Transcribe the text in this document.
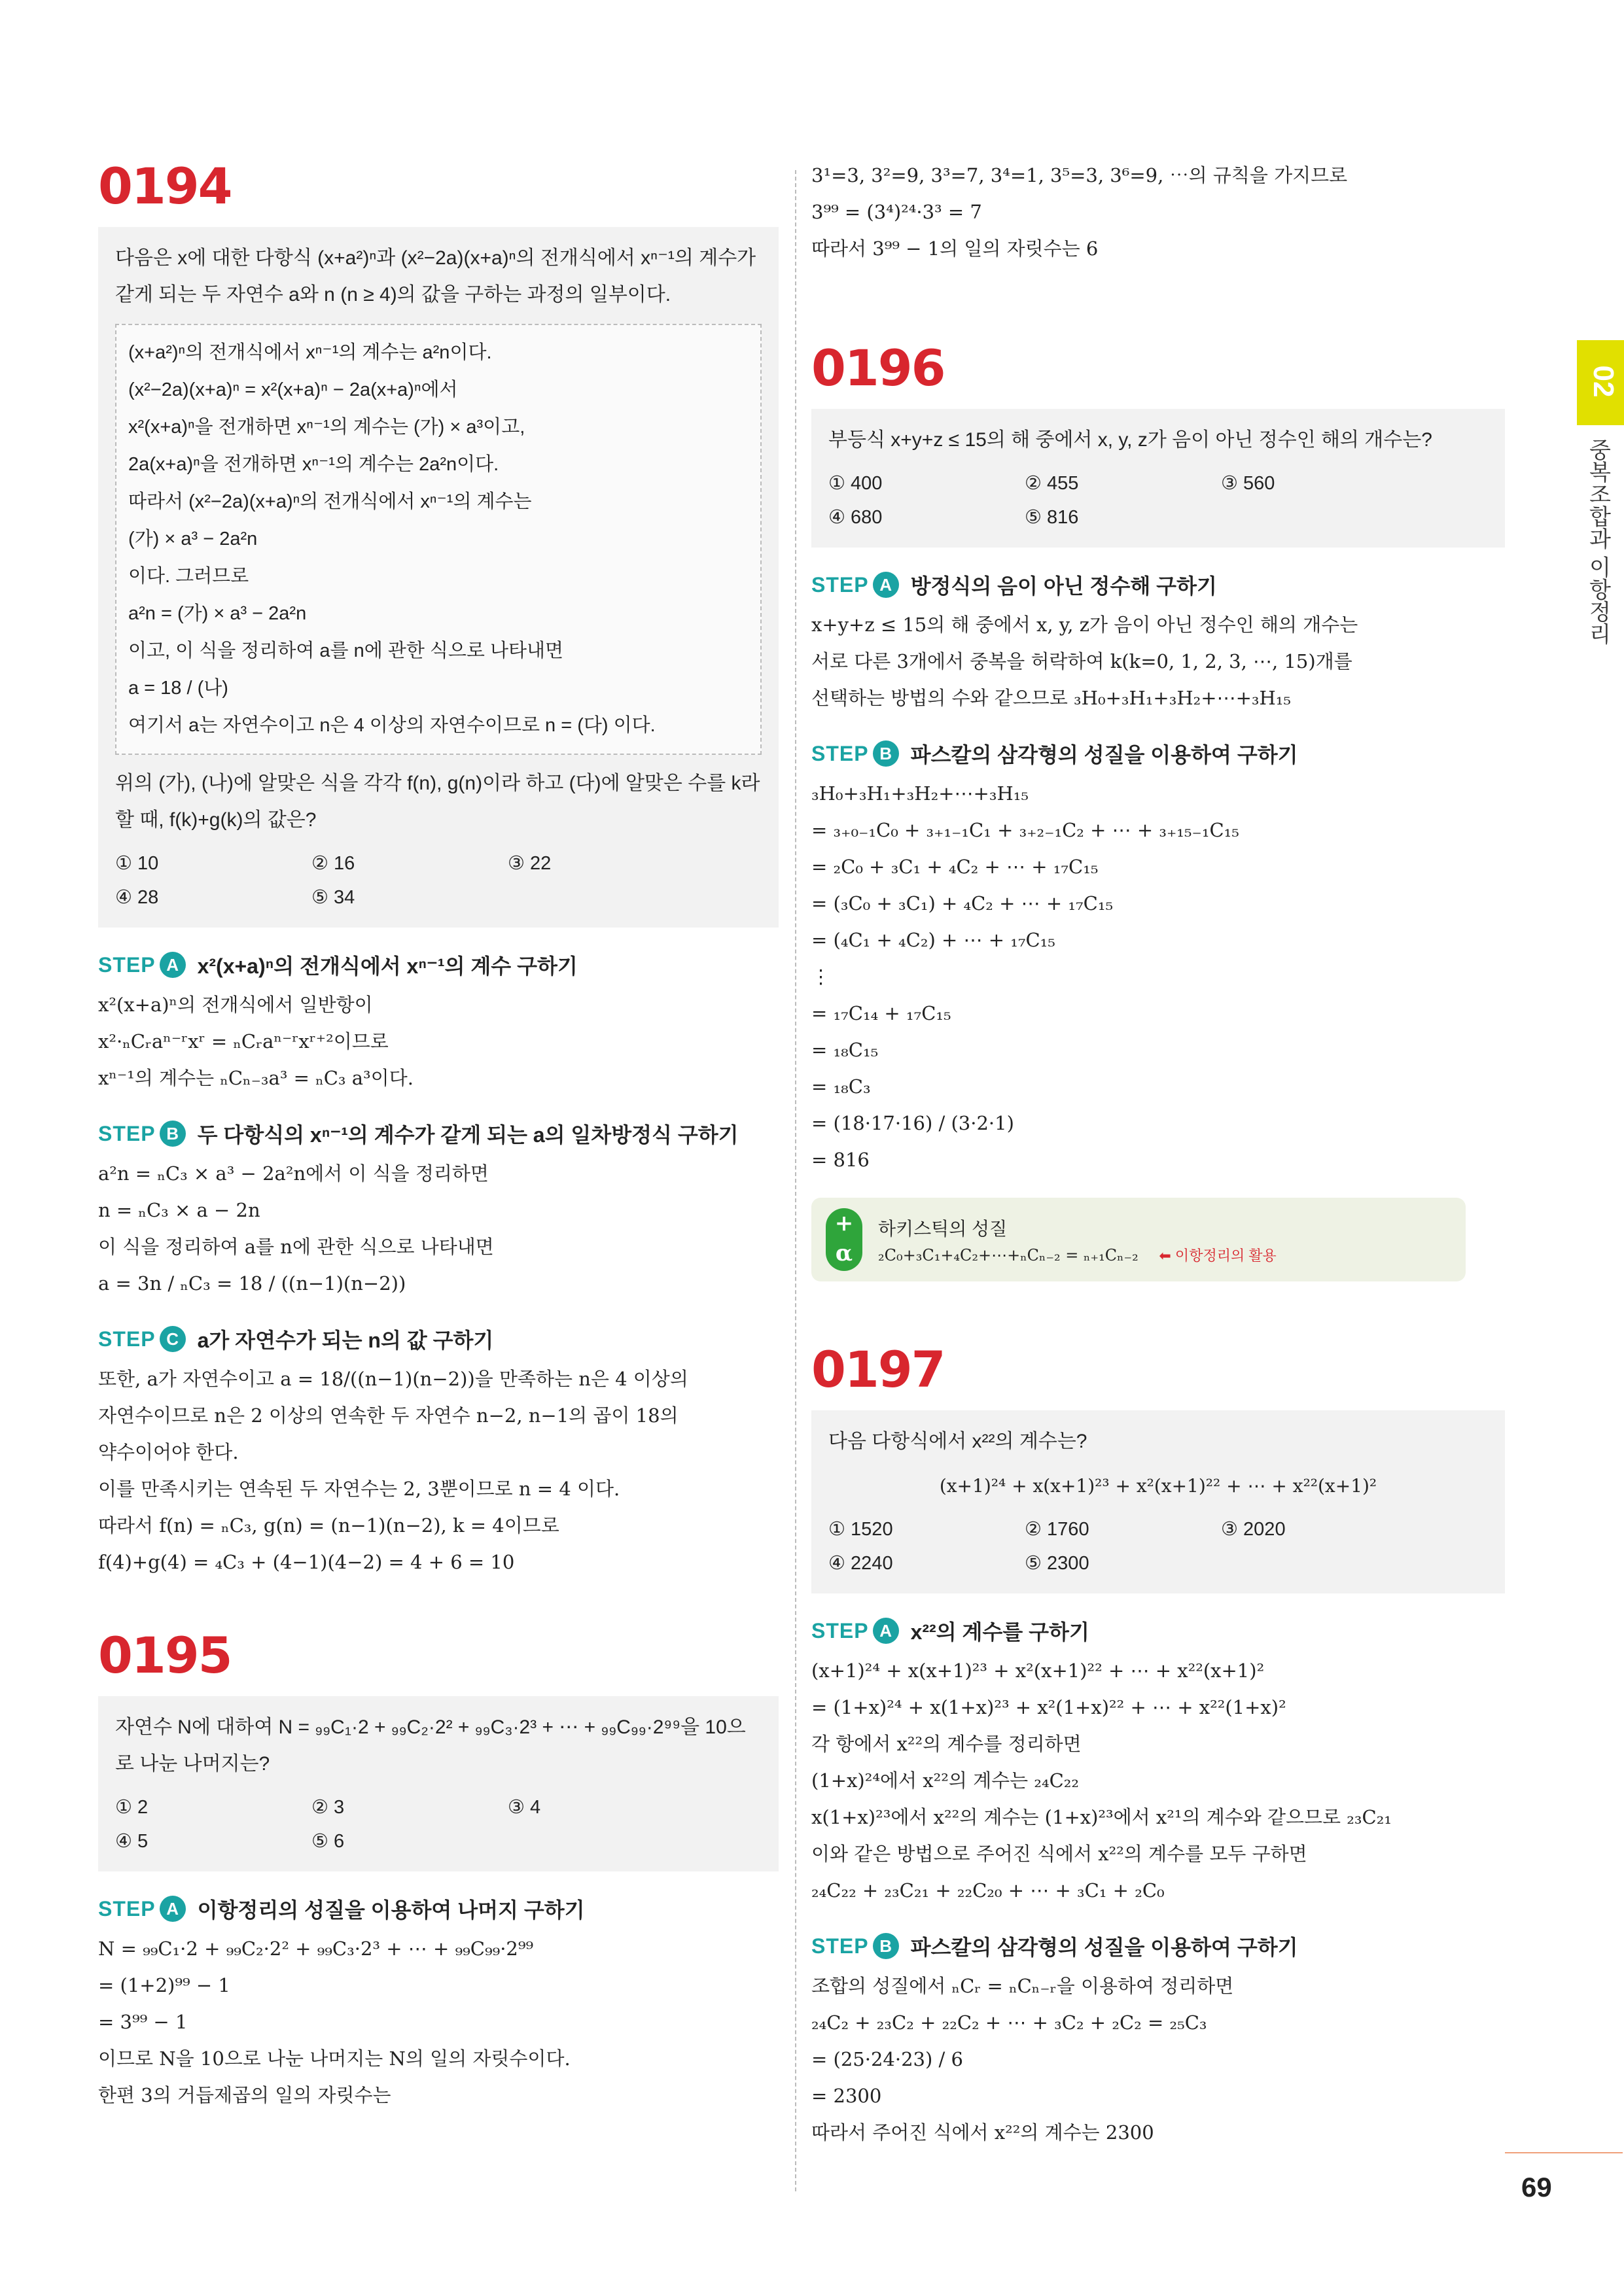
02
중복조합과 이항정리
0194

다음은 x에 대한 다항식 (x+a²)ⁿ과 (x²−2a)(x+a)ⁿ의 전개식에서 xⁿ⁻¹의 계수가 같게 되는 두 자연수 a와 n (n ≥ 4)의 값을 구하는 과정의 일부이다.

(x+a²)ⁿ의 전개식에서 xⁿ⁻¹의 계수는 a²n이다.

(x²−2a)(x+a)ⁿ = x²(x+a)ⁿ − 2a(x+a)ⁿ에서

x²(x+a)ⁿ을 전개하면 xⁿ⁻¹의 계수는 (가) × a³이고,

2a(x+a)ⁿ을 전개하면 xⁿ⁻¹의 계수는 2a²n이다.

따라서 (x²−2a)(x+a)ⁿ의 전개식에서 xⁿ⁻¹의 계수는

(가) × a³ − 2a²n

이다. 그러므로

a²n = (가) × a³ − 2a²n

이고, 이 식을 정리하여 a를 n에 관한 식으로 나타내면

a = 18 / (나)

여기서 a는 자연수이고 n은 4 이상의 자연수이므로 n = (다) 이다.

위의 (가), (나)에 알맞은 식을 각각 f(n), g(n)이라 하고 (다)에 알맞은 수를 k라 할 때, f(k)+g(k)의 값은?

① 10	② 16	③ 22
④ 28	⑤ 34
STEP A x²(x+a)ⁿ의 전개식에서 xⁿ⁻¹의 계수 구하기

x²(x+a)ⁿ의 전개식에서 일반항이

x²·ₙCᵣaⁿ⁻ʳxʳ = ₙCᵣaⁿ⁻ʳxʳ⁺²이므로

xⁿ⁻¹의 계수는 ₙCₙ₋₃a³ = ₙC₃ a³이다.

STEP B 두 다항식의 xⁿ⁻¹의 계수가 같게 되는 a의 일차방정식 구하기

a²n = ₙC₃ × a³ − 2a²n에서 이 식을 정리하면

n = ₙC₃ × a − 2n

이 식을 정리하여 a를 n에 관한 식으로 나타내면

a = 3n / ₙC₃ = 18 / ((n−1)(n−2))

STEP C a가 자연수가 되는 n의 값 구하기

또한, a가 자연수이고 a = 18/((n−1)(n−2))을 만족하는 n은 4 이상의

자연수이므로 n은 2 이상의 연속한 두 자연수 n−2, n−1의 곱이 18의

약수이어야 한다.

이를 만족시키는 연속된 두 자연수는 2, 3뿐이므로 n = 4 이다.

따라서 f(n) = ₙC₃, g(n) = (n−1)(n−2), k = 4이므로

f(4)+g(4) = ₄C₃ + (4−1)(4−2) = 4 + 6 = 10

0195

자연수 N에 대하여 N = ₉₉C₁·2 + ₉₉C₂·2² + ₉₉C₃·2³ + ⋯ + ₉₉C₉₉·2⁹⁹을 10으로 나눈 나머지는?

① 2	② 3	③ 4
④ 5	⑤ 6
STEP A 이항정리의 성질을 이용하여 나머지 구하기

N = ₉₉C₁·2 + ₉₉C₂·2² + ₉₉C₃·2³ + ⋯ + ₉₉C₉₉·2⁹⁹

= (1+2)⁹⁹ − 1

= 3⁹⁹ − 1

이므로 N을 10으로 나눈 나머지는 N의 일의 자릿수이다.

한편 3의 거듭제곱의 일의 자릿수는

3¹=3, 3²=9, 3³=7, 3⁴=1, 3⁵=3, 3⁶=9, ⋯의 규칙을 가지므로

3⁹⁹ = (3⁴)²⁴·3³ = 7

따라서 3⁹⁹ − 1의 일의 자릿수는 6

0196

부등식 x+y+z ≤ 15의 해 중에서 x, y, z가 음이 아닌 정수인 해의 개수는?

① 400	② 455	③ 560
④ 680	⑤ 816
STEP A 방정식의 음이 아닌 정수해 구하기

x+y+z ≤ 15의 해 중에서 x, y, z가 음이 아닌 정수인 해의 개수는

서로 다른 3개에서 중복을 허락하여 k(k=0, 1, 2, 3, ⋯, 15)개를

선택하는 방법의 수와 같으므로 ₃H₀+₃H₁+₃H₂+⋯+₃H₁₅

STEP B 파스칼의 삼각형의 성질을 이용하여 구하기

₃H₀+₃H₁+₃H₂+⋯+₃H₁₅

= ₃₊₀₋₁C₀ + ₃₊₁₋₁C₁ + ₃₊₂₋₁C₂ + ⋯ + ₃₊₁₅₋₁C₁₅

= ₂C₀ + ₃C₁ + ₄C₂ + ⋯ + ₁₇C₁₅

= (₃C₀ + ₃C₁) + ₄C₂ + ⋯ + ₁₇C₁₅

= (₄C₁ + ₄C₂) + ⋯ + ₁₇C₁₅

⋮

= ₁₇C₁₄ + ₁₇C₁₅

= ₁₈C₁₅

= ₁₈C₃

= (18·17·16) / (3·2·1)

= 816

+
α
하키스틱의 성질
₂C₀+₃C₁+₄C₂+⋯+ₙCₙ₋₂ = ₙ₊₁Cₙ₋₂ ⬅ 이항정리의 활용
0197

다음 다항식에서 x²²의 계수는?

(x+1)²⁴ + x(x+1)²³ + x²(x+1)²² + ⋯ + x²²(x+1)²

① 1520	② 1760	③ 2020
④ 2240	⑤ 2300
STEP A x²²의 계수를 구하기

(x+1)²⁴ + x(x+1)²³ + x²(x+1)²² + ⋯ + x²²(x+1)²

= (1+x)²⁴ + x(1+x)²³ + x²(1+x)²² + ⋯ + x²²(1+x)²

각 항에서 x²²의 계수를 정리하면

(1+x)²⁴에서 x²²의 계수는 ₂₄C₂₂

x(1+x)²³에서 x²²의 계수는 (1+x)²³에서 x²¹의 계수와 같으므로 ₂₃C₂₁

이와 같은 방법으로 주어진 식에서 x²²의 계수를 모두 구하면

₂₄C₂₂ + ₂₃C₂₁ + ₂₂C₂₀ + ⋯ + ₃C₁ + ₂C₀

STEP B 파스칼의 삼각형의 성질을 이용하여 구하기

조합의 성질에서 ₙCᵣ = ₙCₙ₋ᵣ을 이용하여 정리하면

₂₄C₂ + ₂₃C₂ + ₂₂C₂ + ⋯ + ₃C₂ + ₂C₂ = ₂₅C₃

= (25·24·23) / 6

= 2300

따라서 주어진 식에서 x²²의 계수는 2300

69
